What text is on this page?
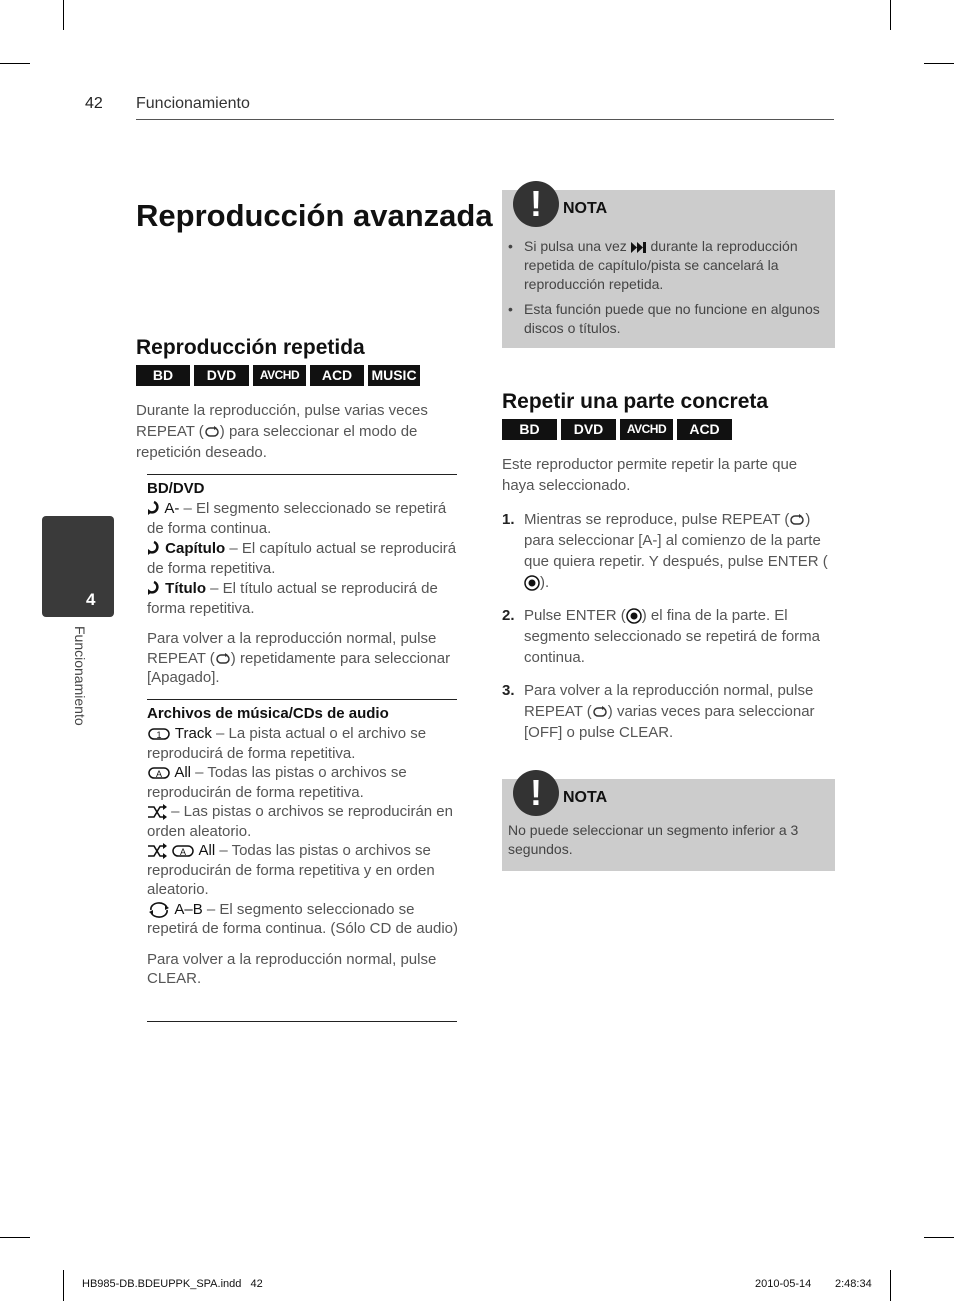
42 Funcionamiento
4
Funcionamiento
Reproducción avanzada
Reproducción repetida
BD	DVD	AVCHD	ACD	MUSIC

Durante la reproducción, pulse varias veces REPEAT ( ) para seleccionar el modo de repetición deseado.

BD/DVD
A- – El segmento seleccionado se repetirá de forma continua.
Capítulo – El capítulo actual se reproducirá de forma repetitiva.
Título – El título actual se reproducirá de forma repetitiva.

Para volver a la reproducción normal, pulse REPEAT ( ) repetidamente para seleccionar [Apagado].

Archivos de música/CDs de audio
1 Track – La pista actual o el archivo se reproducirá de forma repetitiva.
A All – Todas las pistas o archivos se reproducirán de forma repetitiva.
– Las pistas o archivos se reproducirán en orden aleatorio.

A All – Todas las pistas o archivos se reproducirán de forma repetitiva y en orden aleatorio.
A–B – El segmento seleccionado se repetirá de forma continua. (Sólo CD de audio)

Para volver a la reproducción normal, pulse CLEAR.

!	NOTA
• Si pulsa una vez  durante la reproducción repetida de capítulo/pista se cancelará la reproducción repetida.
• Esta función puede que no funcione en algunos discos o títulos.
Repetir una parte concreta
BD	DVD	AVCHD	ACD

Este reproductor permite repetir la parte que haya seleccionado.

1. Mientras se reproduce, pulse REPEAT ( ) para seleccionar [A-] al comienzo de la parte que quiera repetir. Y después, pulse ENTER ().
2. Pulse ENTER ( ) el fina de la parte. El segmento seleccionado se repetirá de forma continua.
3. Para volver a la reproducción normal, pulse REPEAT ( ) varias veces para seleccionar [OFF] o pulse CLEAR.
!	NOTA
No puede seleccionar un segmento inferior a 3 segundos.
HB985-DB.BDEUPPK_SPA.indd 42	2010-05-14 2:48:34
